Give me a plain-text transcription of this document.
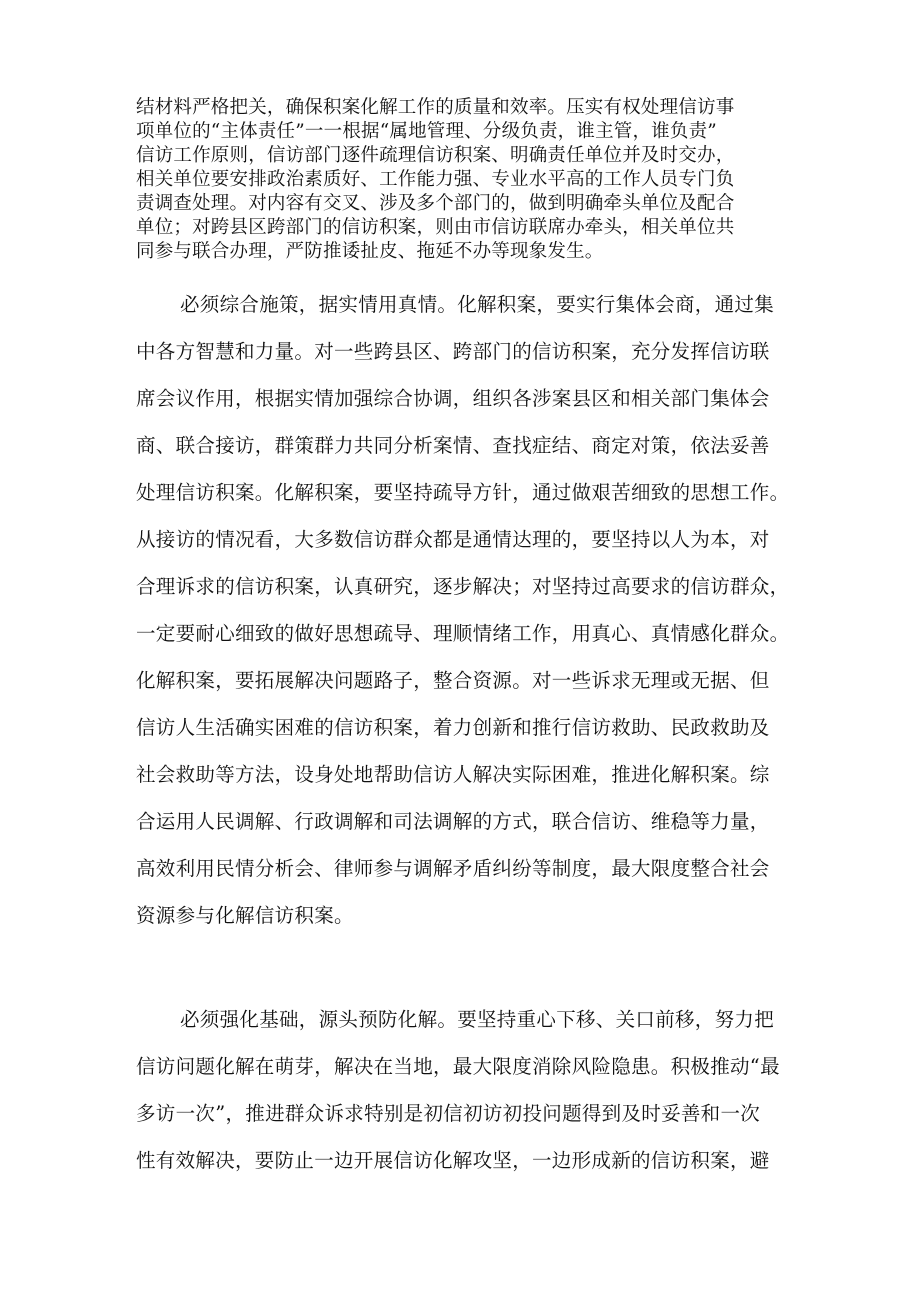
结材料严格把关，确保积案化解工作的质量和效率。压实有权处理信访事

项单位的“主体责任”一一根据“属地管理、分级负责，谁主管，谁负责”

信访工作原则，信访部门逐件疏理信访积案、明确责任单位并及时交办，

相关单位要安排政治素质好、工作能力强、专业水平高的工作人员专门负

责调查处理。对内容有交叉、涉及多个部门的，做到明确牵头单位及配合

单位；对跨县区跨部门的信访积案，则由市信访联席办牵头，相关单位共

同参与联合办理，严防推诿扯皮、拖延不办等现象发生。

必须综合施策，据实情用真情。化解积案，要实行集体会商，通过集

中各方智慧和力量。对一些跨县区、跨部门的信访积案，充分发挥信访联

席会议作用，根据实情加强综合协调，组织各涉案县区和相关部门集体会

商、联合接访，群策群力共同分析案情、查找症结、商定对策，依法妥善

处理信访积案。化解积案，要坚持疏导方针，通过做艰苦细致的思想工作。

从接访的情况看，大多数信访群众都是通情达理的，要坚持以人为本，对

合理诉求的信访积案，认真研究，逐步解决；对坚持过高要求的信访群众，

一定要耐心细致的做好思想疏导、理顺情绪工作，用真心、真情感化群众。

化解积案，要拓展解决问题路子，整合资源。对一些诉求无理或无据、但

信访人生活确实困难的信访积案，着力创新和推行信访救助、民政救助及

社会救助等方法，设身处地帮助信访人解决实际困难，推进化解积案。综

合运用人民调解、行政调解和司法调解的方式，联合信访、维稳等力量，

高效利用民情分析会、律师参与调解矛盾纠纷等制度，最大限度整合社会

资源参与化解信访积案。

必须强化基础，源头预防化解。要坚持重心下移、关口前移，努力把

信访问题化解在萌芽，解决在当地，最大限度消除风险隐患。积极推动“最

多访一次”，推进群众诉求特别是初信初访初投问题得到及时妥善和一次

性有效解决，要防止一边开展信访化解攻坚，一边形成新的信访积案，避
